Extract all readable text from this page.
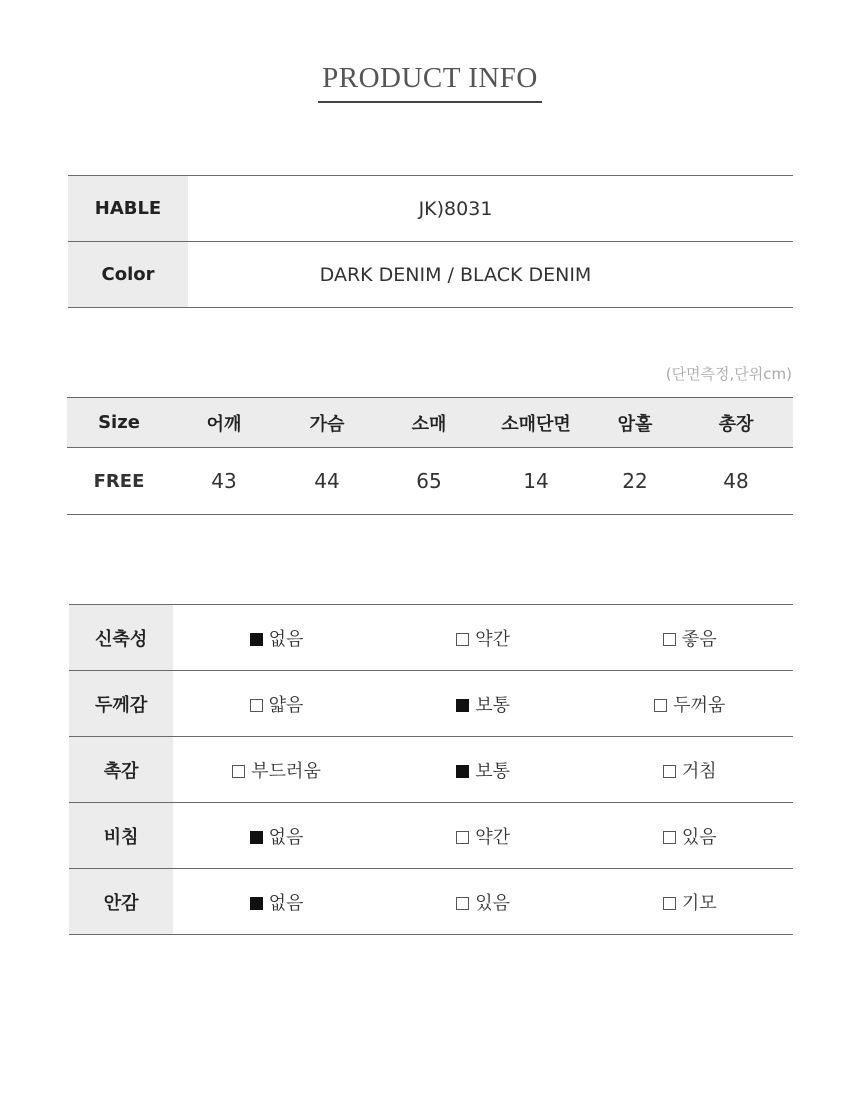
PRODUCT INFO
HABLE	JK)8031
Color	DARK DENIM / BLACK DENIM
(단면측정,단위cm)
Size	어깨	가슴	소매	소매단면	암홀	총장
FREE	43	44	65	14	22	48
신축성	없음	약간	좋음
두께감	얇음	보통	두꺼움
촉감	부드러움	보통	거침
비침	없음	약간	있음
안감	없음	있음	기모
